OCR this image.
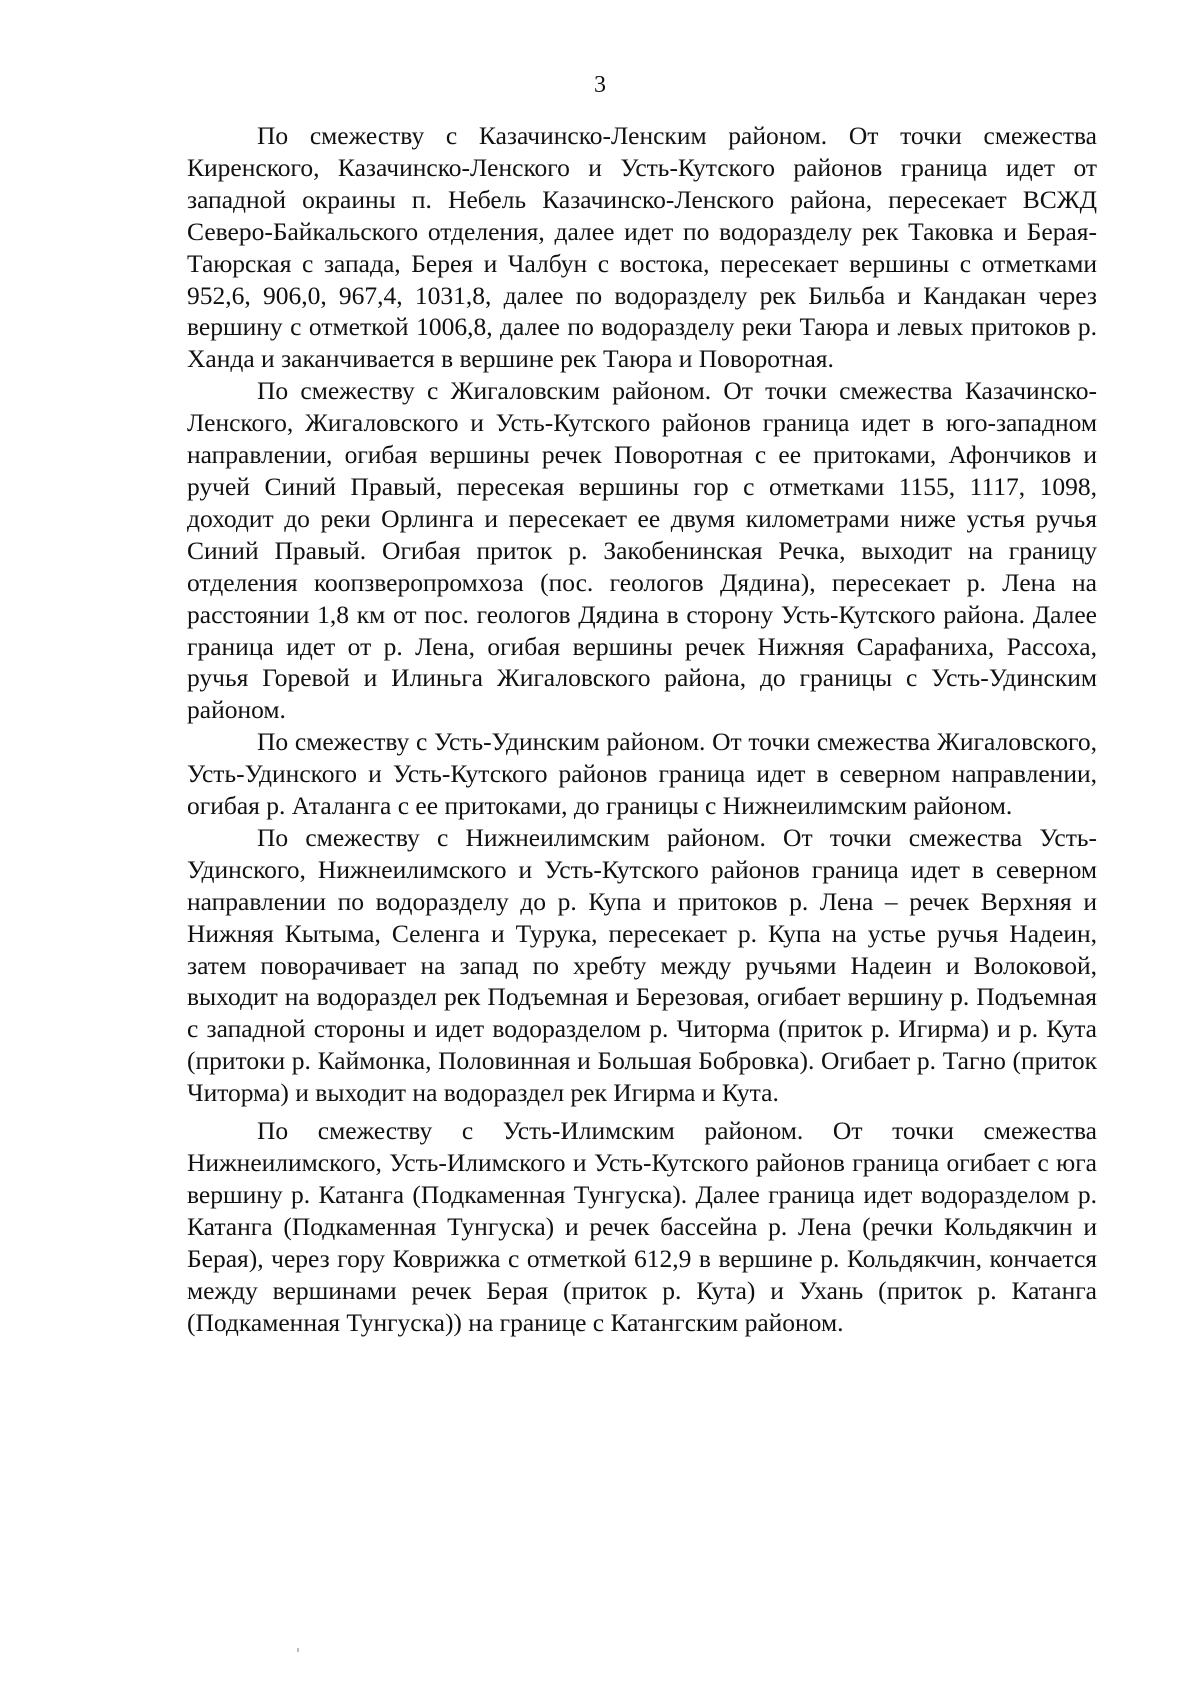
3

По смежеству с Казачинско-Ленским районом. От точки смежества Киренского, Казачинско-Ленского и Усть-Кутского районов граница идет от западной окраины п. Небель Казачинско-Ленского района, пересекает ВСЖД Северо-Байкальского отделения, далее идет по водоразделу рек Таковка и Берая-Таюрская с запада, Берея и Чалбун с востока, пересекает вершины с отметками 952,6, 906,0, 967,4, 1031,8, далее по водоразделу рек Бильба и Кандакан через вершину с отметкой 1006,8, далее по водоразделу реки Таюра и левых притоков р. Ханда и заканчивается в вершине рек Таюра и Поворотная.

По смежеству с Жигаловским районом. От точки смежества Казачинско-Ленского, Жигаловского и Усть-Кутского районов граница идет в юго-западном направлении, огибая вершины речек Поворотная с ее притоками, Афончиков и ручей Синий Правый, пересекая вершины гор с отметками 1155, 1117, 1098, доходит до реки Орлинга и пересекает ее двумя километрами ниже устья ручья Синий Правый. Огибая приток р. Закобенинская Речка, выходит на границу отделения коопзверопромхоза (пос. геологов Дядина), пересекает р. Лена на расстоянии 1,8 км от пос. геологов Дядина в сторону Усть-Кутского района. Далее граница идет от р. Лена, огибая вершины речек Нижняя Сарафаниха, Рассоха, ручья Горевой и Илиньга Жигаловского района, до границы с Усть-Удинским районом.

По смежеству с Усть-Удинским районом. От точки смежества Жигаловского, Усть-Удинского и Усть-Кутского районов граница идет в северном направлении, огибая р. Аталанга с ее притоками, до границы с Нижнеилимским районом.

По смежеству с Нижнеилимским районом. От точки смежества Усть-Удинского, Нижнеилимского и Усть-Кутского районов граница идет в северном направлении по водоразделу до р. Купа и притоков р. Лена – речек Верхняя и Нижняя Кытыма, Селенга и Турука, пересекает р. Купа на устье ручья Надеин, затем поворачивает на запад по хребту между ручьями Надеин и Волоковой, выходит на водораздел рек Подъемная и Березовая, огибает вершину р. Подъемная с западной стороны и идет водоразделом р. Читорма (приток р. Игирма) и р. Кута (притоки р. Каймонка, Половинная и Большая Бобровка). Огибает р. Тагно (приток Читорма) и выходит на водораздел рек Игирма и Кута.

По смежеству с Усть-Илимским районом. От точки смежества Нижнеилимского, Усть-Илимского и Усть-Кутского районов граница огибает с юга вершину р. Катанга (Подкаменная Тунгуска). Далее граница идет водоразделом р. Катанга (Подкаменная Тунгуска) и речек бассейна р. Лена (речки Кольдякчин и Берая), через гору Коврижка с отметкой 612,9 в вершине р. Кольдякчин, кончается между вершинами речек Берая (приток р. Кута) и Ухань (приток р. Катанга (Подкаменная Тунгуска)) на границе с Катангским районом.
